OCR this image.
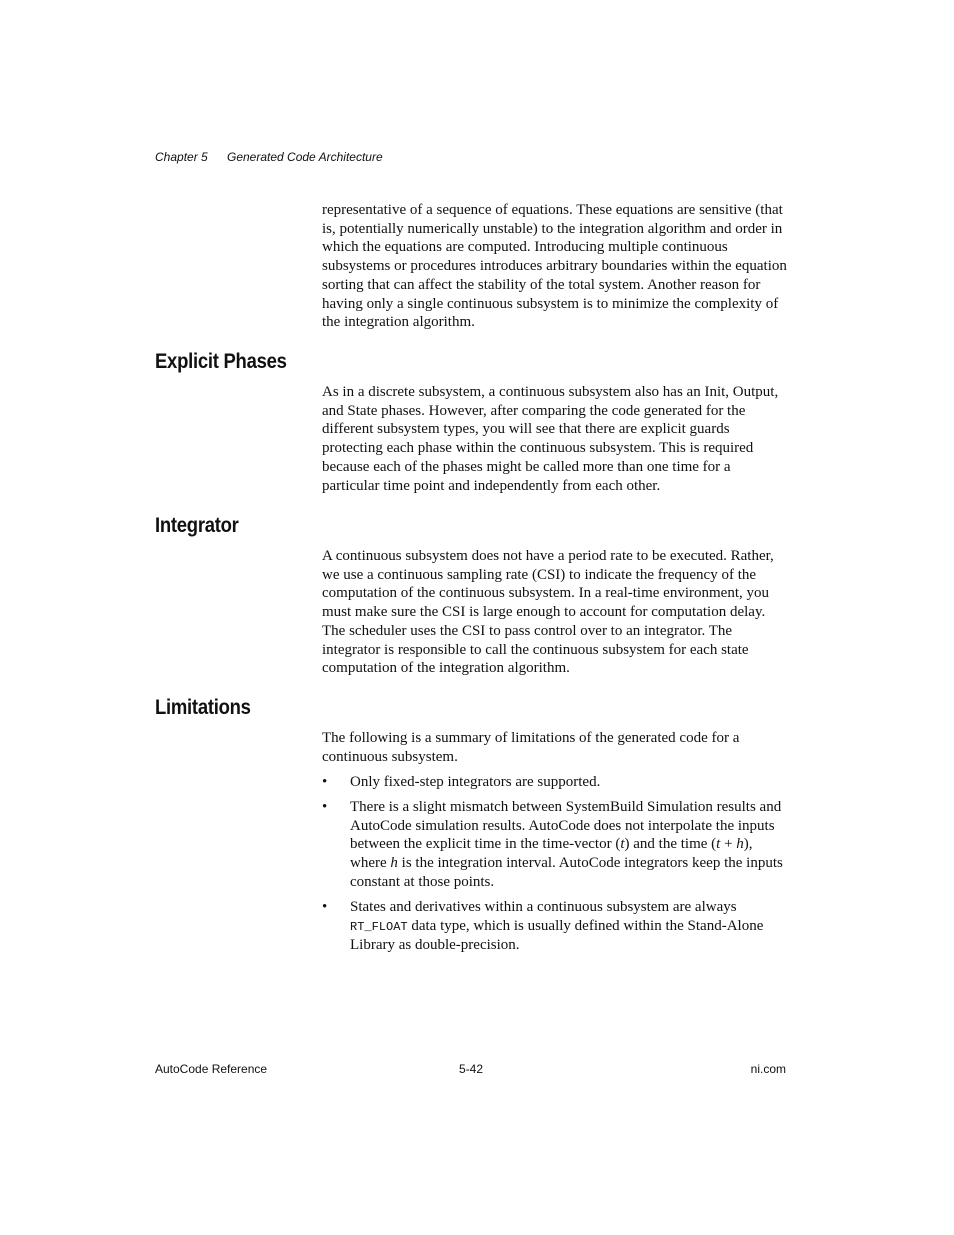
Chapter 5 Generated Code Architecture

representative of a sequence of equations. These equations are sensitive (that is, potentially numerically unstable) to the integration algorithm and order in which the equations are computed. Introducing multiple continuous subsystems or procedures introduces arbitrary boundaries within the equation sorting that can affect the stability of the total system. Another reason for having only a single continuous subsystem is to minimize the complexity of the integration algorithm.

Explicit Phases

As in a discrete subsystem, a continuous subsystem also has an Init, Output, and State phases. However, after comparing the code generated for the different subsystem types, you will see that there are explicit guards protecting each phase within the continuous subsystem. This is required because each of the phases might be called more than one time for a particular time point and independently from each other.

Integrator

A continuous subsystem does not have a period rate to be executed. Rather, we use a continuous sampling rate (CSI) to indicate the frequency of the computation of the continuous subsystem. In a real-time environment, you must make sure the CSI is large enough to account for computation delay. The scheduler uses the CSI to pass control over to an integrator. The integrator is responsible to call the continuous subsystem for each state computation of the integration algorithm.

Limitations

The following is a summary of limitations of the generated code for a continuous subsystem.

• Only fixed-step integrators are supported.
• There is a slight mismatch between SystemBuild Simulation results and AutoCode simulation results. AutoCode does not interpolate the inputs between the explicit time in the time-vector (t) and the time (t + h), where h is the integration interval. AutoCode integrators keep the inputs constant at those points.
• States and derivatives within a continuous subsystem are always RT_FLOAT data type, which is usually defined within the Stand-Alone Library as double-precision.
AutoCode Reference	5-42	ni.com
